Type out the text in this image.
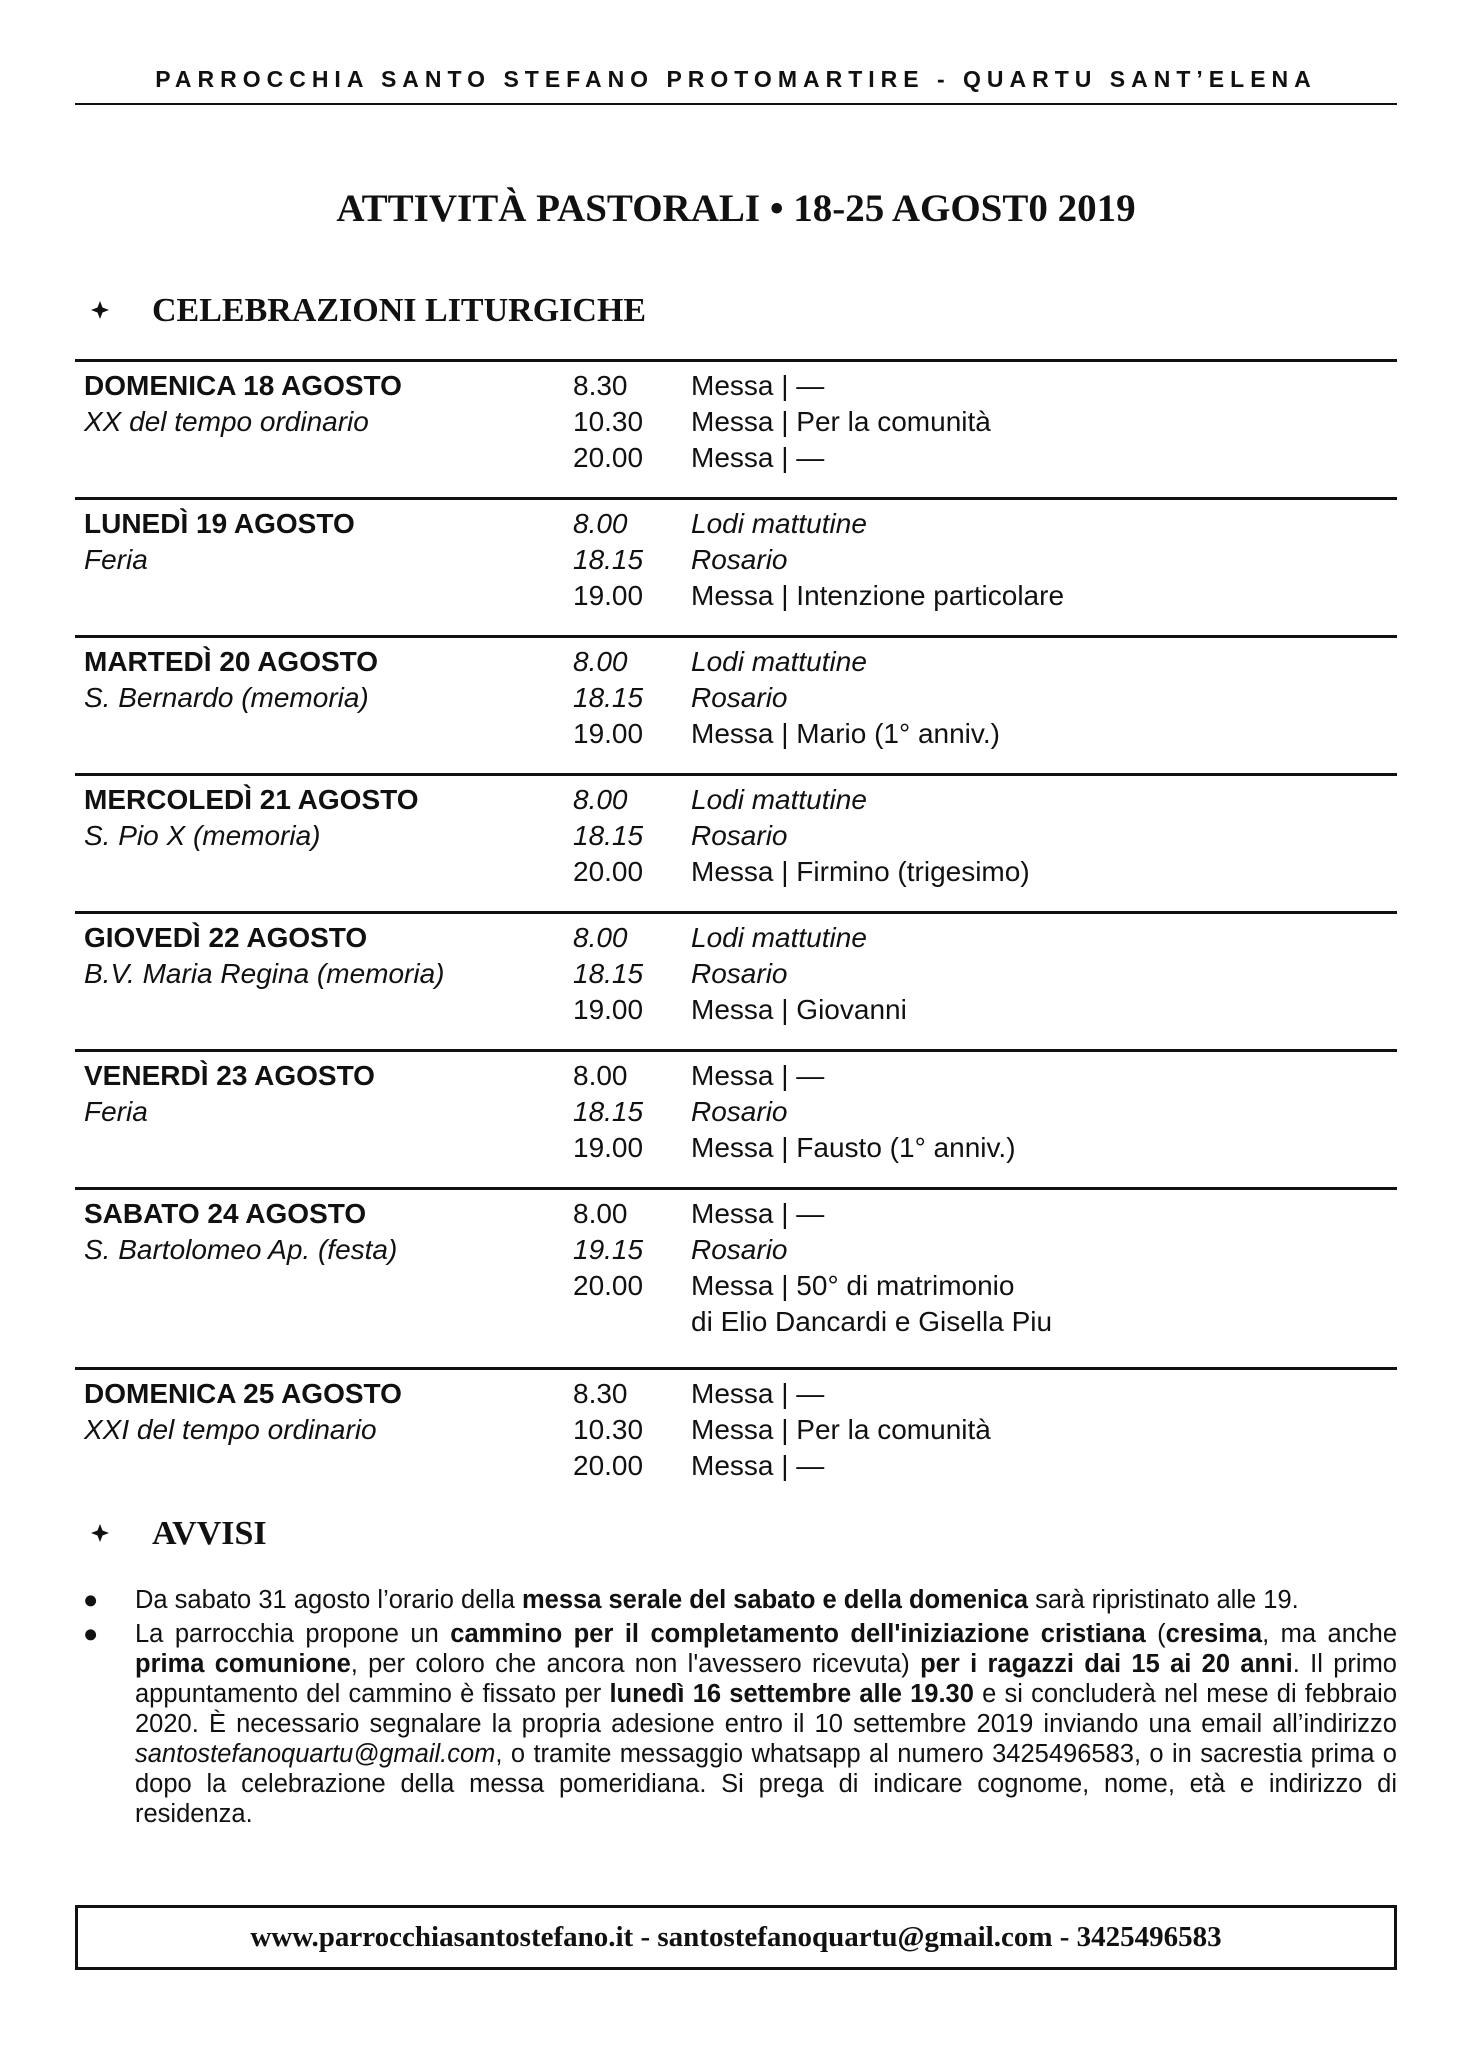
PARROCCHIA SANTO STEFANO PROTOMARTIRE - QUARTU SANT’ELENA
ATTIVITÀ PASTORALI • 18-25 AGOST0 2019
CELEBRAZIONI LITURGICHE
DOMENICA 18 AGOSTO
XX del tempo ordinario
8.30	Messa | —
10.30	Messa | Per la comunità
20.00	Messa | —
LUNEDÌ 19 AGOSTO
Feria
8.00	Lodi mattutine
18.15	Rosario
19.00	Messa | Intenzione particolare
MARTEDÌ 20 AGOSTO
S. Bernardo (memoria)
8.00	Lodi mattutine
18.15	Rosario
19.00	Messa | Mario (1° anniv.)
MERCOLEDÌ 21 AGOSTO
S. Pio X (memoria)
8.00	Lodi mattutine
18.15	Rosario
20.00	Messa | Firmino (trigesimo)
GIOVEDÌ 22 AGOSTO
B.V. Maria Regina (memoria)
8.00	Lodi mattutine
18.15	Rosario
19.00	Messa | Giovanni
VENERDÌ 23 AGOSTO
Feria
8.00	Messa | —
18.15	Rosario
19.00	Messa | Fausto (1° anniv.)
SABATO 24 AGOSTO
S. Bartolomeo Ap. (festa)
8.00	Messa | —
19.15	Rosario
20.00	Messa | 50° di matrimonio
di Elio Dancardi e Gisella Piu
DOMENICA 25 AGOSTO
XXI del tempo ordinario
8.30	Messa | —
10.30	Messa | Per la comunità
20.00	Messa | —
AVVISI
● Da sabato 31 agosto l’orario della messa serale del sabato e della domenica sarà ripristinato alle 19.
● La parrocchia propone un cammino per il completamento dell'iniziazione cristiana (cresima, ma anche prima comunione, per coloro che ancora non l'avessero ricevuta) per i ragazzi dai 15 ai 20 anni. Il primo appuntamento del cammino è fissato per lunedì 16 settembre alle 19.30 e si concluderà nel mese di febbraio 2020. È necessario segnalare la propria adesione entro il 10 settembre 2019 inviando una email all’indirizzo santostefanoquartu@gmail.com, o tramite messaggio whatsapp al numero 3425496583, o in sacrestia prima o dopo la celebrazione della messa pomeridiana. Si prega di indicare cognome, nome, età e indirizzo di residenza.
www.parrocchiasantostefano.it - santostefanoquartu@gmail.com - 3425496583
